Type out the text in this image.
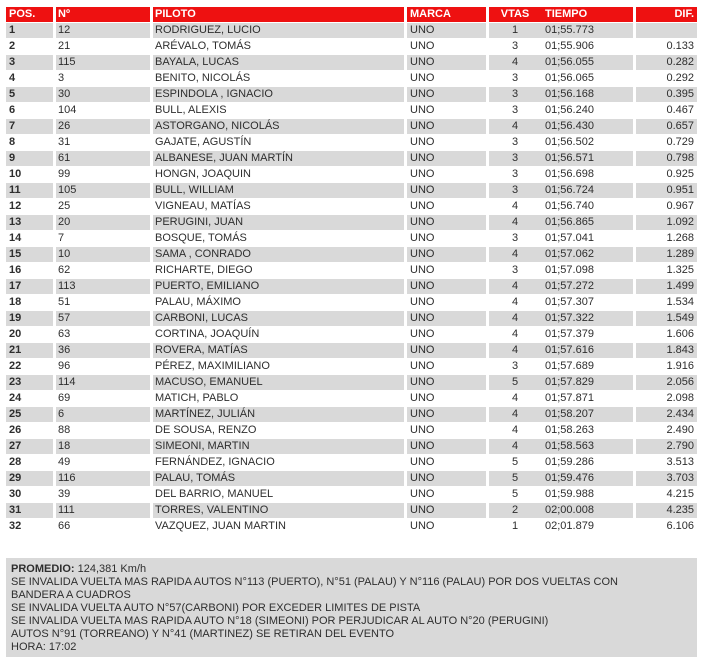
POS.	Nº	PILOTO	MARCA	VTAS	TIEMPO	DIF.
1	12	RODRIGUEZ, LUCIO	UNO	1	01;55.773
2	21	ARÉVALO, TOMÁS	UNO	3	01;55.906	0.133
3	115	BAYALA, LUCAS	UNO	4	01;56.055	0.282
4	3	BENITO, NICOLÁS	UNO	3	01;56.065	0.292
5	30	ESPINDOLA , IGNACIO	UNO	3	01;56.168	0.395
6	104	BULL, ALEXIS	UNO	3	01;56.240	0.467
7	26	ASTORGANO, NICOLÁS	UNO	4	01;56.430	0.657
8	31	GAJATE, AGUSTÍN	UNO	3	01;56.502	0.729
9	61	ALBANESE, JUAN MARTÍN	UNO	3	01;56.571	0.798
10	99	HONGN, JOAQUIN	UNO	3	01;56.698	0.925
11	105	BULL, WILLIAM	UNO	3	01;56.724	0.951
12	25	VIGNEAU, MATÍAS	UNO	4	01;56.740	0.967
13	20	PERUGINI, JUAN	UNO	4	01;56.865	1.092
14	7	BOSQUE, TOMÁS	UNO	3	01;57.041	1.268
15	10	SAMA , CONRADO	UNO	4	01;57.062	1.289
16	62	RICHARTE, DIEGO	UNO	3	01;57.098	1.325
17	113	PUERTO, EMILIANO	UNO	4	01;57.272	1.499
18	51	PALAU, MÁXIMO	UNO	4	01;57.307	1.534
19	57	CARBONI, LUCAS	UNO	4	01;57.322	1.549
20	63	CORTINA, JOAQUÍN	UNO	4	01;57.379	1.606
21	36	ROVERA, MATÍAS	UNO	4	01;57.616	1.843
22	96	PÉREZ, MAXIMILIANO	UNO	3	01;57.689	1.916
23	114	MACUSO, EMANUEL	UNO	5	01;57.829	2.056
24	69	MATICH, PABLO	UNO	4	01;57.871	2.098
25	6	MARTÍNEZ, JULIÁN	UNO	4	01;58.207	2.434
26	88	DE SOUSA, RENZO	UNO	4	01;58.263	2.490
27	18	SIMEONI, MARTIN	UNO	4	01;58.563	2.790
28	49	FERNÁNDEZ, IGNACIO	UNO	5	01;59.286	3.513
29	116	PALAU, TOMÁS	UNO	5	01;59.476	3.703
30	39	DEL BARRIO, MANUEL	UNO	5	01;59.988	4.215
31	111	TORRES, VALENTINO	UNO	2	02;00.008	4.235
32	66	VAZQUEZ, JUAN MARTIN	UNO	1	02;01.879	6.106
PROMEDIO: 124,381 Km/h
SE INVALIDA VUELTA MAS RAPIDA AUTOS N°113 (PUERTO), N°51 (PALAU) Y N°116 (PALAU) POR DOS VUELTAS CON
BANDERA A CUADROS
SE INVALIDA VUELTA AUTO N°57(CARBONI) POR EXCEDER LIMITES DE PISTA
SE INVALIDA VUELTA MAS RAPIDA AUTO N°18 (SIMEONI) POR PERJUDICAR AL AUTO N°20 (PERUGINI)
AUTOS N°91 (TORREANO) Y N°41 (MARTINEZ) SE RETIRAN DEL EVENTO
HORA: 17:02
